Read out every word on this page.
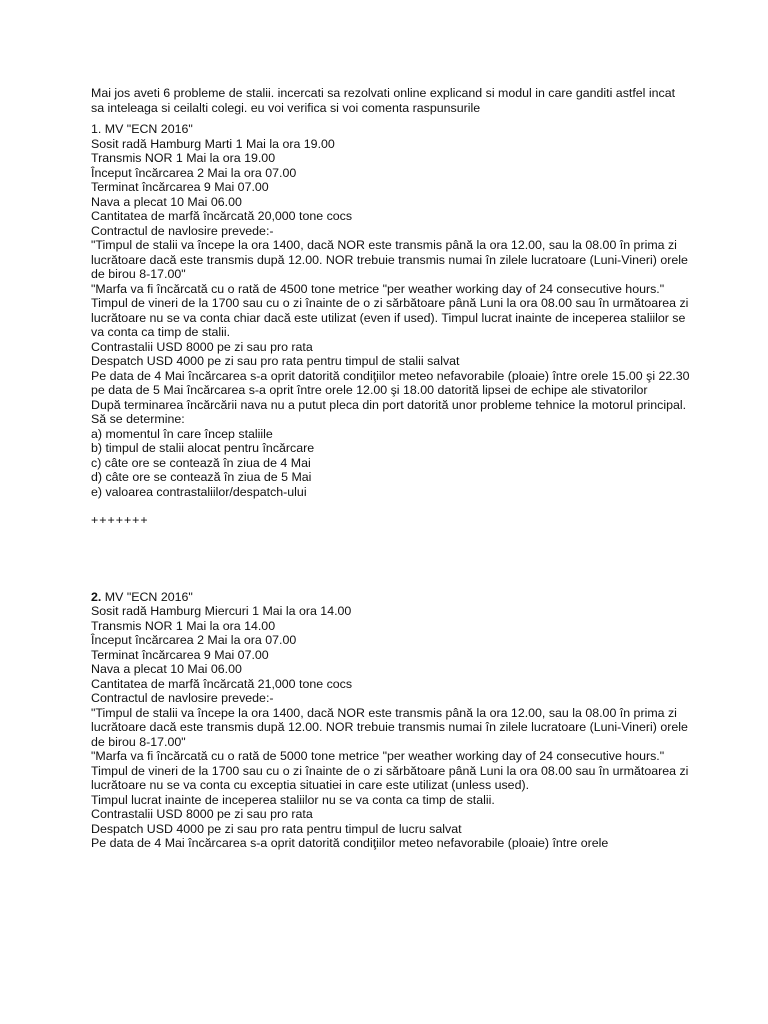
Mai jos aveti 6 probleme de stalii. incercati sa rezolvati online explicand si modul in care ganditi astfel incat sa inteleaga si ceilalti colegi. eu voi verifica si voi comenta raspunsurile
1. MV "ECN 2016"
Sosit radă Hamburg Marti 1 Mai la ora 19.00
Transmis NOR 1 Mai la ora 19.00
Început încărcarea 2 Mai la ora 07.00
Terminat încărcarea 9 Mai 07.00
Nava a plecat 10 Mai 06.00
Cantitatea de marfă încărcată 20,000 tone cocs
Contractul de navlosire prevede:-
"Timpul de stalii va începe la ora 1400, dacă NOR este transmis până la ora 12.00, sau la 08.00 în prima zi lucrătoare dacă este transmis după 12.00. NOR trebuie transmis numai în zilele lucratoare (Luni-Vineri) orele de birou 8-17.00"
"Marfa va fi încărcată cu o rată de 4500 tone metrice "per weather working day of 24 consecutive hours."
Timpul de vineri de la 1700 sau cu o zi înainte de o zi sărbătoare până Luni la ora 08.00 sau în următoarea zi lucrătoare nu se va conta chiar dacă este utilizat (even if used). Timpul lucrat inainte de inceperea staliilor se va conta ca timp de stalii.
Contrastalii USD 8000 pe zi sau pro rata
Despatch USD 4000 pe zi sau pro rata pentru timpul de stalii salvat
Pe data de 4 Mai încărcarea s-a oprit datorită condiţiilor meteo nefavorabile (ploaie) între orele 15.00 şi 22.30
pe data de 5 Mai încărcarea s-a oprit între orele 12.00 şi 18.00 datorită lipsei de echipe ale stivatorilor
După terminarea încărcării nava nu a putut pleca din port datorită unor probleme tehnice la motorul principal.
Să se determine:
a) momentul în care încep staliile
b) timpul de stalii alocat pentru încărcare
c) câte ore se contează în ziua de 4 Mai
d) câte ore se contează în ziua de 5 Mai
e) valoarea contrastaliilor/despatch-ului
+++++++
2. MV "ECN 2016"
Sosit radă Hamburg Miercuri 1 Mai la ora 14.00
Transmis NOR 1 Mai la ora 14.00
Început încărcarea 2 Mai la ora 07.00
Terminat încărcarea 9 Mai 07.00
Nava a plecat 10 Mai 06.00
Cantitatea de marfă încărcată 21,000 tone cocs
Contractul de navlosire prevede:-
"Timpul de stalii va începe la ora 1400, dacă NOR este transmis până la ora 12.00, sau la 08.00 în prima zi lucrătoare dacă este transmis după 12.00. NOR trebuie transmis numai în zilele lucratoare (Luni-Vineri) orele de birou 8-17.00"
"Marfa va fi încărcată cu o rată de 5000 tone metrice "per weather working day of 24 consecutive hours."
Timpul de vineri de la 1700 sau cu o zi înainte de o zi sărbătoare până Luni la ora 08.00 sau în următoarea zi lucrătoare nu se va conta cu exceptia situatiei in care este utilizat (unless used).
Timpul lucrat inainte de inceperea staliilor nu se va conta ca timp de stalii.
Contrastalii USD 8000 pe zi sau pro rata
Despatch USD 4000 pe zi sau pro rata pentru timpul de lucru salvat
Pe data de 4 Mai încărcarea s-a oprit datorită condiţiilor meteo nefavorabile (ploaie) între orele
